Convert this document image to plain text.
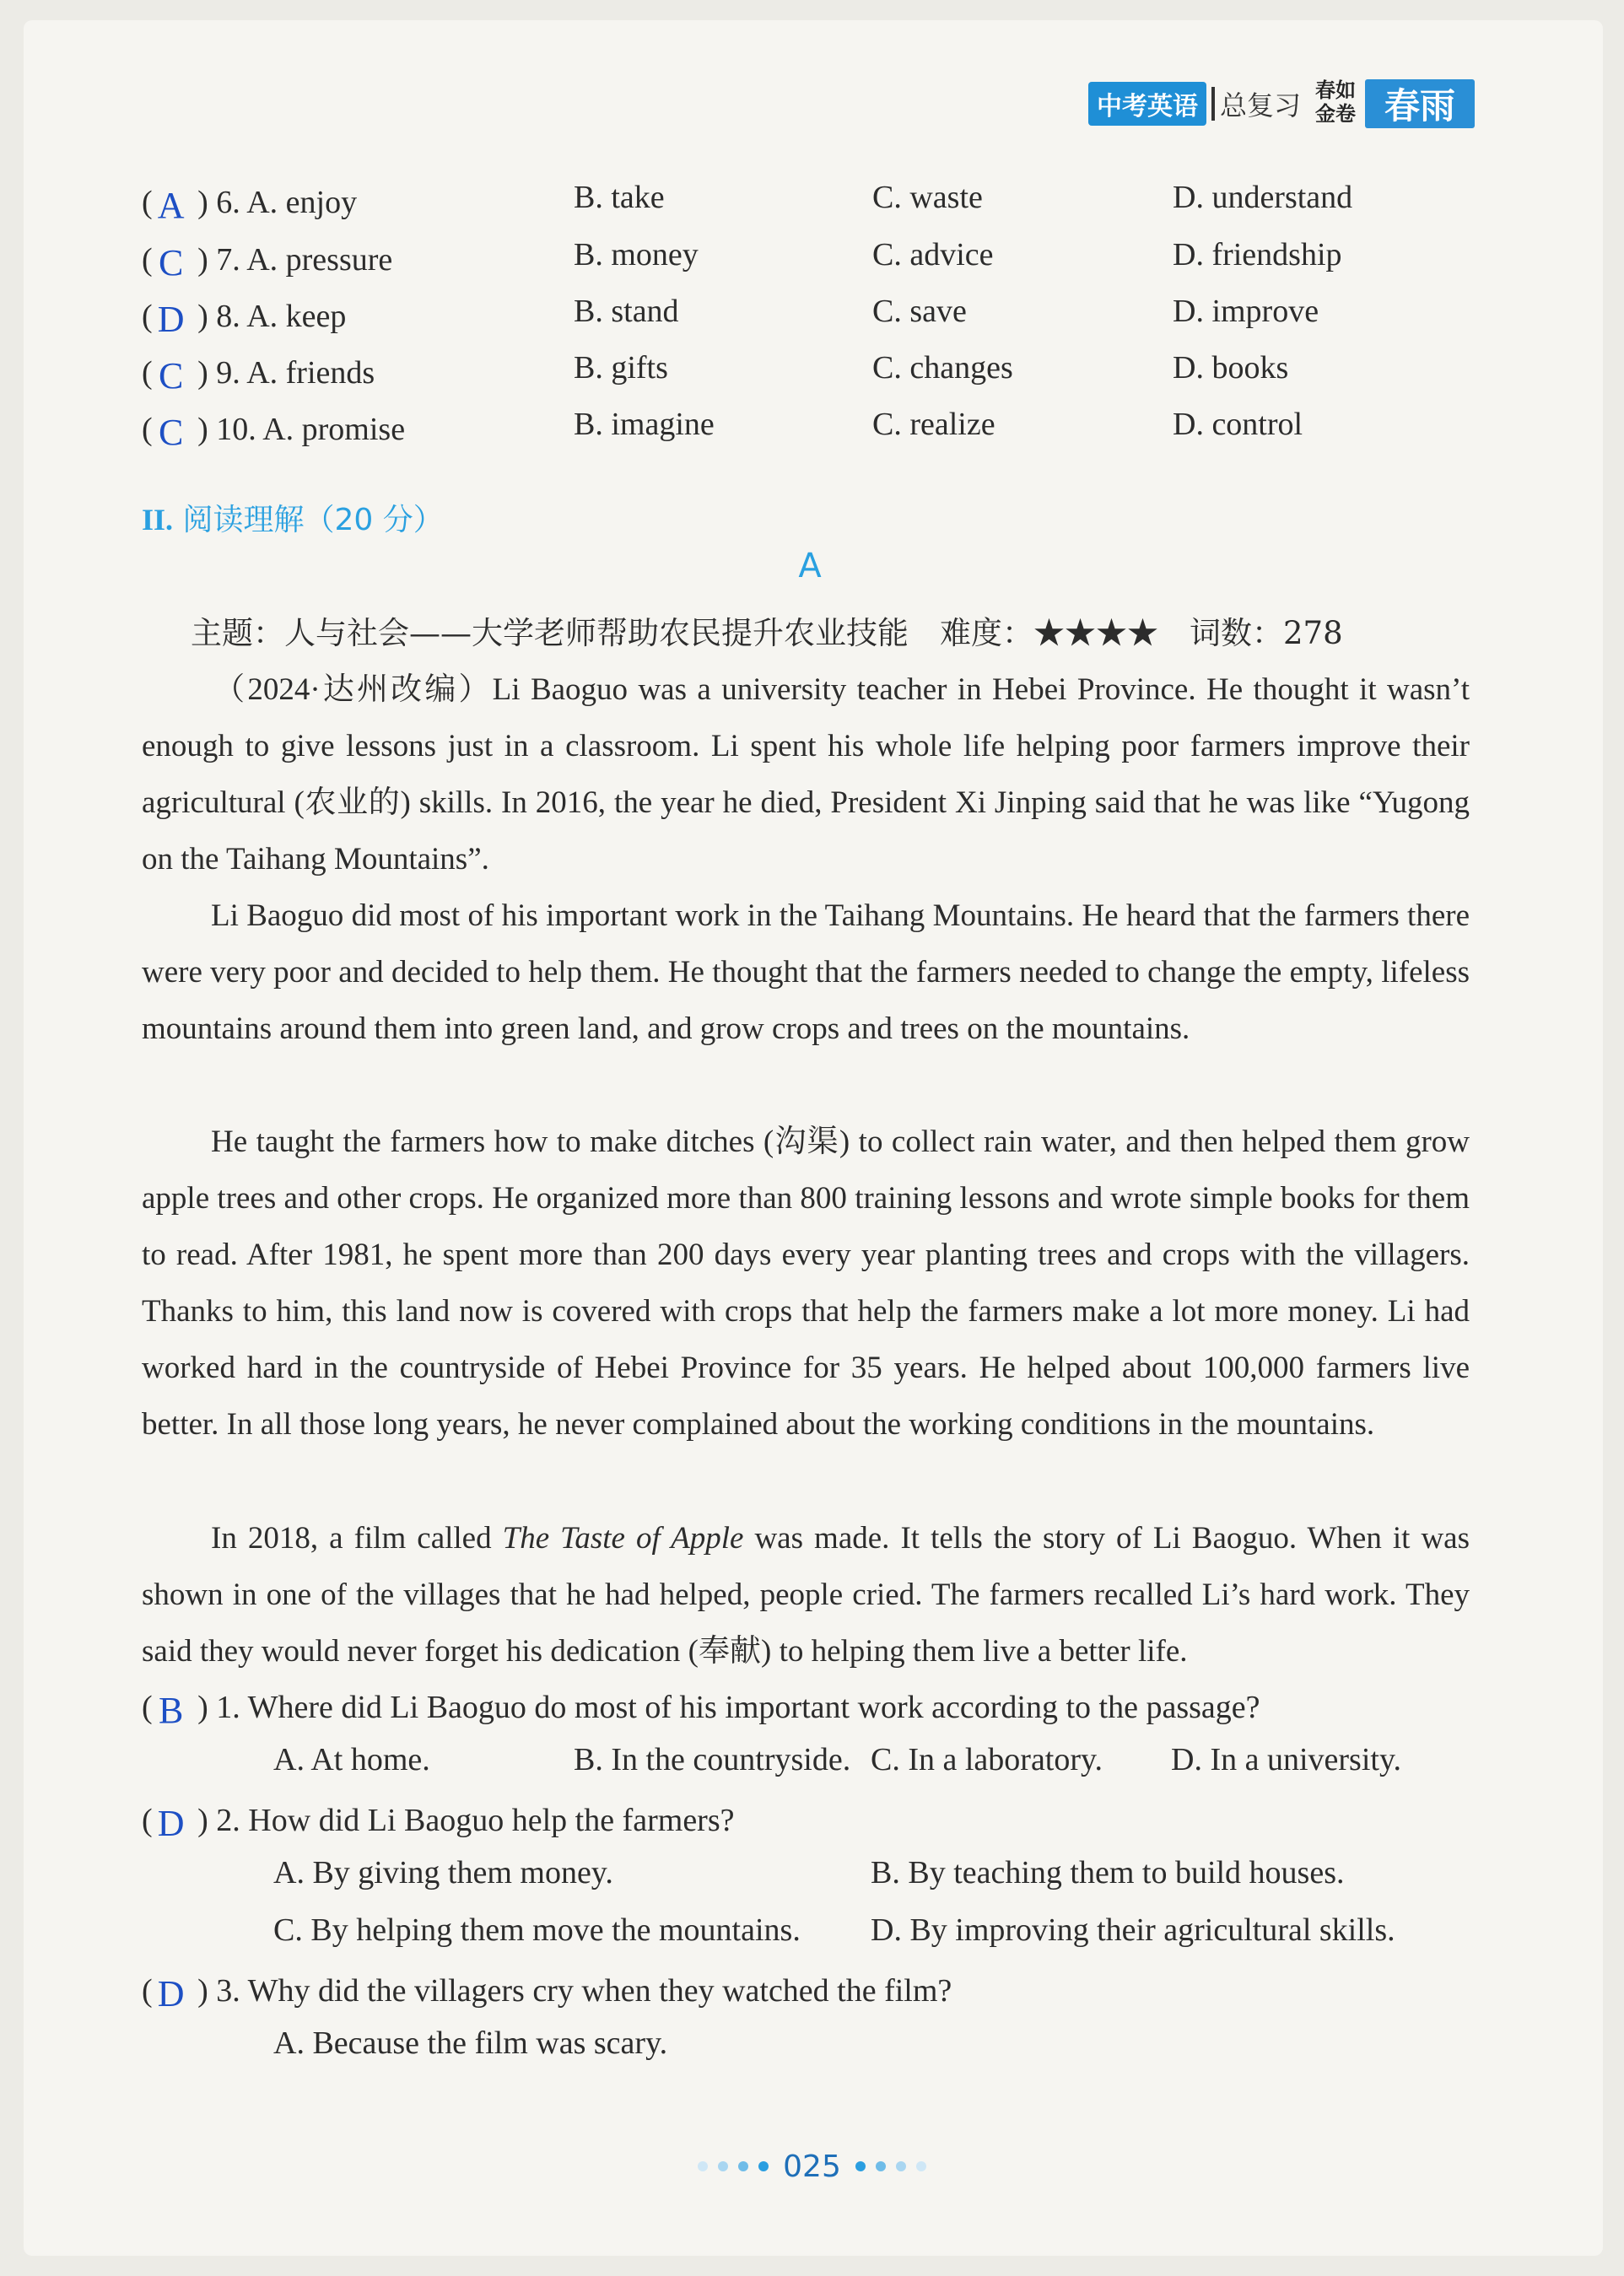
中考英语 总复习 春如金卷 春雨
( A ) 6. A. enjoy	B. take	C. waste	D. understand
( C ) 7. A. pressure	B. money	C. advice	D. friendship
( D ) 8. A. keep	B. stand	C. save	D. improve
( C ) 9. A. friends	B. gifts	C. changes	D. books
( C ) 10. A. promise	B. imagine	C. realize	D. control
II. 阅读理解（20 分）
A
主题：人与社会——大学老师帮助农民提升农业技能　难度：★★★★　词数：278

（2024·达州改编）Li Baoguo was a university teacher in Hebei Province. He thought it wasn’t enough to give lessons just in a classroom. Li spent his whole life helping poor farmers improve their agricultural (农业的) skills. In 2016, the year he died, President Xi Jinping said that he was like “Yugong on the Taihang Mountains”.

Li Baoguo did most of his important work in the Taihang Mountains. He heard that the farmers there were very poor and decided to help them. He thought that the farmers needed to change the empty, lifeless mountains around them into green land, and grow crops and trees on the mountains.

He taught the farmers how to make ditches (沟渠) to collect rain water, and then helped them grow apple trees and other crops. He organized more than 800 training lessons and wrote simple books for them to read. After 1981, he spent more than 200 days every year planting trees and crops with the villagers. Thanks to him, this land now is covered with crops that help the farmers make a lot more money. Li had worked hard in the countryside of Hebei Province for 35 years. He helped about 100,000 farmers live better. In all those long years, he never complained about the working conditions in the mountains.

In 2018, a film called The Taste of Apple was made. It tells the story of Li Baoguo. When it was shown in one of the villages that he had helped, people cried. The farmers recalled Li’s hard work. They said they would never forget his dedication (奉献) to helping them live a better life.

( B ) 1. Where did Li Baoguo do most of his important work according to the passage?
A. At home.	B. In the countryside. C. In a laboratory. D. In a university.
( D ) 2. How did Li Baoguo help the farmers?
A. By giving them money.	B. By teaching them to build houses.
C. By helping them move the mountains. D. By improving their agricultural skills.
( D ) 3. Why did the villagers cry when they watched the film?
A. Because the film was scary.
025
